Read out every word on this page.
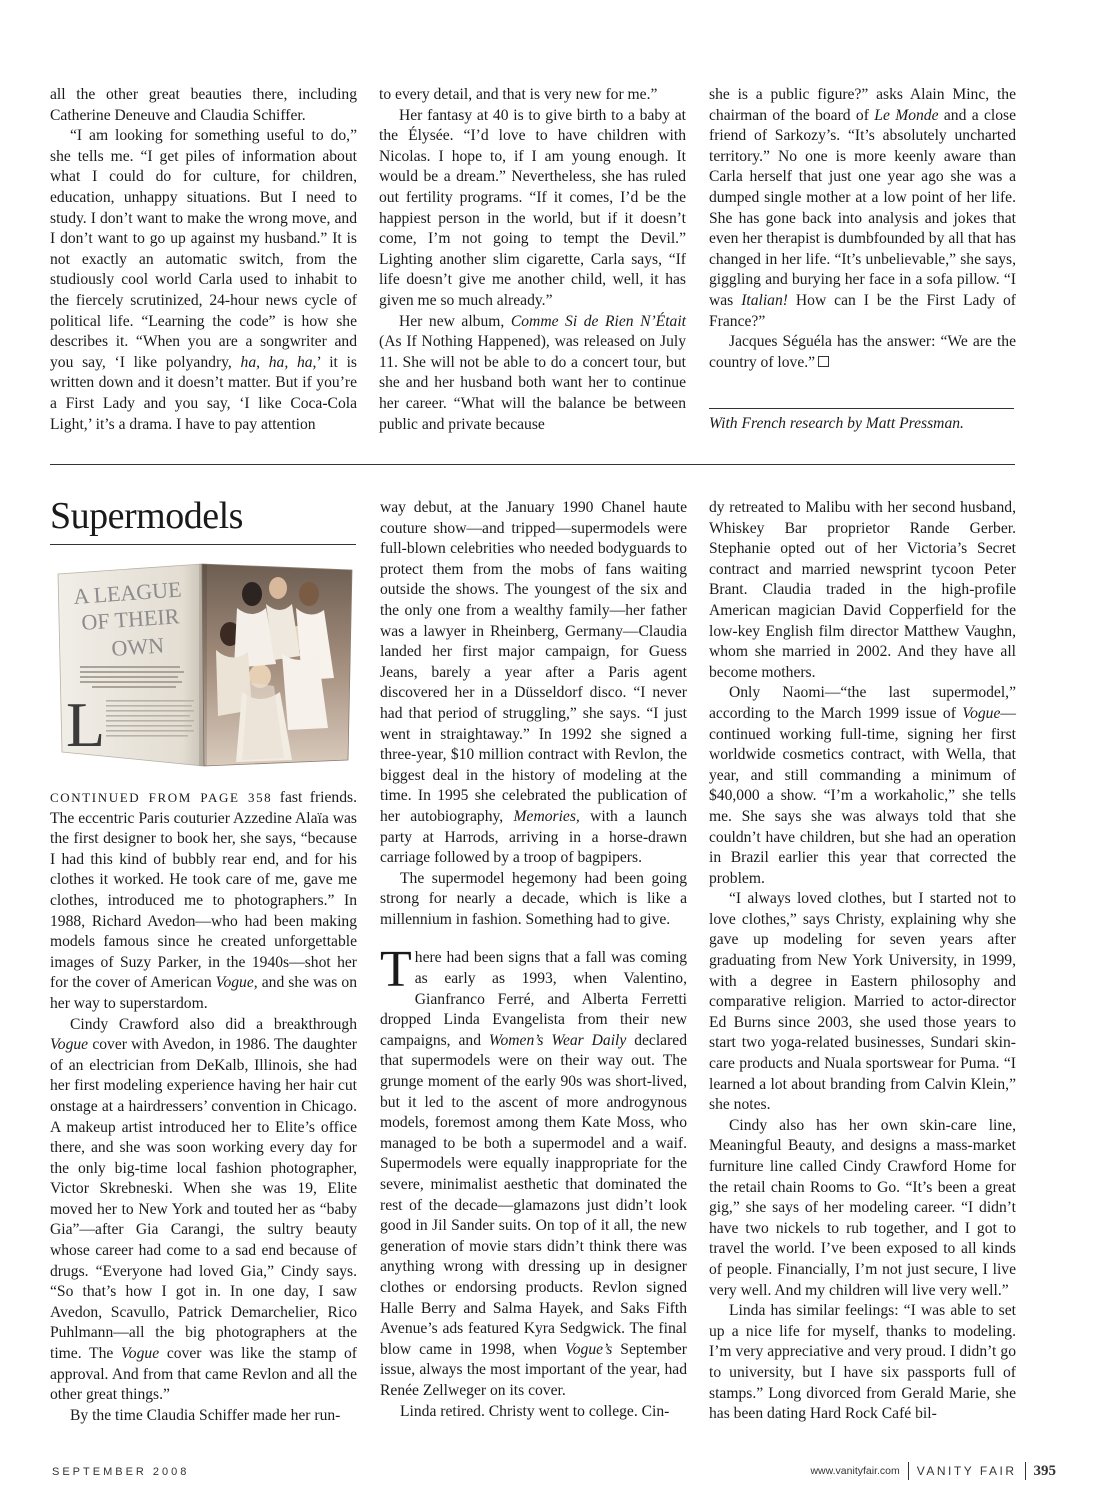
all the other great beauties there, including Catherine Deneuve and Claudia Schiffer.

“I am looking for something useful to do,” she tells me. “I get piles of information about what I could do for culture, for children, education, unhappy situations. But I need to study. I don’t want to make the wrong move, and I don’t want to go up against my husband.” It is not exactly an automatic switch, from the studiously cool world Carla used to inhabit to the fiercely scrutinized, 24-hour news cycle of political life. “Learning the code” is how she describes it. “When you are a songwriter and you say, ‘I like polyandry, ha, ha, ha,’ it is written down and it doesn’t matter. But if you’re a First Lady and you say, ‘I like Coca-Cola Light,’ it’s a drama. I have to pay attention

to every detail, and that is very new for me.”

Her fantasy at 40 is to give birth to a baby at the Élysée. “I’d love to have children with Nicolas. I hope to, if I am young enough. It would be a dream.” Nevertheless, she has ruled out fertility programs. “If it comes, I’d be the happiest person in the world, but if it doesn’t come, I’m not going to tempt the Devil.” Lighting another slim cigarette, Carla says, “If life doesn’t give me another child, well, it has given me so much already.”

Her new album, Comme Si de Rien N’Était (As If Nothing Happened), was released on July 11. She will not be able to do a concert tour, but she and her husband both want her to continue her career. “What will the balance be between public and private because

she is a public figure?” asks Alain Minc, the chairman of the board of Le Monde and a close friend of Sarkozy’s. “It’s absolutely uncharted territory.” No one is more keenly aware than Carla herself that just one year ago she was a dumped single mother at a low point of her life. She has gone back into analysis and jokes that even her therapist is dumbfounded by all that has changed in her life. “It’s unbelievable,” she says, giggling and burying her face in a sofa pillow. “I was Italian! How can I be the First Lady of France?”

Jacques Séguéla has the answer: “We are the country of love.”

With French research by Matt Pressman.
Supermodels
A LEAGUE
OF THEIR
OWN
L

CONTINUED FROM PAGE 358 fast friends. The eccentric Paris couturier Azzedine Alaïa was the first designer to book her, she says, “because I had this kind of bubbly rear end, and for his clothes it worked. He took care of me, gave me clothes, introduced me to photographers.” In 1988, Richard Avedon—who had been making models famous since he created unforgettable images of Suzy Parker, in the 1940s—shot her for the cover of American Vogue, and she was on her way to superstardom.

Cindy Crawford also did a breakthrough Vogue cover with Avedon, in 1986. The daughter of an electrician from DeKalb, Illinois, she had her first modeling experience having her hair cut onstage at a hairdressers’ convention in Chicago. A makeup artist introduced her to Elite’s office there, and she was soon working every day for the only big-time local fashion photographer, Victor Skrebneski. When she was 19, Elite moved her to New York and touted her as “baby Gia”—after Gia Carangi, the sultry beauty whose career had come to a sad end because of drugs. “Everyone had loved Gia,” Cindy says. “So that’s how I got in. In one day, I saw Avedon, Scavullo, Patrick Demarchelier, Rico Puhlmann—all the big photographers at the time. The Vogue cover was like the stamp of approval. And from that came Revlon and all the other great things.”

By the time Claudia Schiffer made her run-

way debut, at the January 1990 Chanel haute couture show—and tripped—supermodels were full-blown celebrities who needed bodyguards to protect them from the mobs of fans waiting outside the shows. The youngest of the six and the only one from a wealthy family—her father was a lawyer in Rheinberg, Germany—Claudia landed her first major campaign, for Guess Jeans, barely a year after a Paris agent discovered her in a Düsseldorf disco. “I never had that period of struggling,” she says. “I just went in straightaway.” In 1992 she signed a three-year, $10 million contract with Revlon, the biggest deal in the history of modeling at the time. In 1995 she celebrated the publication of her autobiography, Memories, with a launch party at Harrods, arriving in a horse-drawn carriage followed by a troop of bagpipers.

The supermodel hegemony had been going strong for nearly a decade, which is like a millennium in fashion. Something had to give.

There had been signs that a fall was coming as early as 1993, when Valentino, Gianfranco Ferré, and Alberta Ferretti dropped Linda Evangelista from their new campaigns, and Women’s Wear Daily declared that supermodels were on their way out. The grunge moment of the early 90s was short-lived, but it led to the ascent of more androgynous models, foremost among them Kate Moss, who managed to be both a supermodel and a waif. Supermodels were equally inappropriate for the severe, minimalist aesthetic that dominated the rest of the decade—glamazons just didn’t look good in Jil Sander suits. On top of it all, the new generation of movie stars didn’t think there was anything wrong with dressing up in designer clothes or endorsing products. Revlon signed Halle Berry and Salma Hayek, and Saks Fifth Avenue’s ads featured Kyra Sedgwick. The final blow came in 1998, when Vogue’s September issue, always the most important of the year, had Renée Zellweger on its cover.

Linda retired. Christy went to college. Cin-

dy retreated to Malibu with her second husband, Whiskey Bar proprietor Rande Gerber. Stephanie opted out of her Victoria’s Secret contract and married newsprint tycoon Peter Brant. Claudia traded in the high-profile American magician David Copperfield for the low-key English film director Matthew Vaughn, whom she married in 2002. And they have all become mothers.

Only Naomi—“the last supermodel,” according to the March 1999 issue of Vogue—continued working full-time, signing her first worldwide cosmetics contract, with Wella, that year, and still commanding a minimum of $40,000 a show. “I’m a workaholic,” she tells me. She says she was always told that she couldn’t have children, but she had an operation in Brazil earlier this year that corrected the problem.

“I always loved clothes, but I started not to love clothes,” says Christy, explaining why she gave up modeling for seven years after graduating from New York University, in 1999, with a degree in Eastern philosophy and comparative religion. Married to actor-director Ed Burns since 2003, she used those years to start two yoga-related businesses, Sundari skin-care products and Nuala sportswear for Puma. “I learned a lot about branding from Calvin Klein,” she notes.

Cindy also has her own skin-care line, Meaningful Beauty, and designs a mass-market furniture line called Cindy Crawford Home for the retail chain Rooms to Go. “It’s been a great gig,” she says of her modeling career. “I didn’t have two nickels to rub together, and I got to travel the world. I’ve been exposed to all kinds of people. Financially, I’m not just secure, I live very well. And my children will live very well.”

Linda has similar feelings: “I was able to set up a nice life for myself, thanks to modeling. I’m very appreciative and very proud. I didn’t go to university, but I have six passports full of stamps.” Long divorced from Gerald Marie, she has been dating Hard Rock Café bil-

SEPTEMBER 2008	www.vanityfair.com VANITY FAIR 395
